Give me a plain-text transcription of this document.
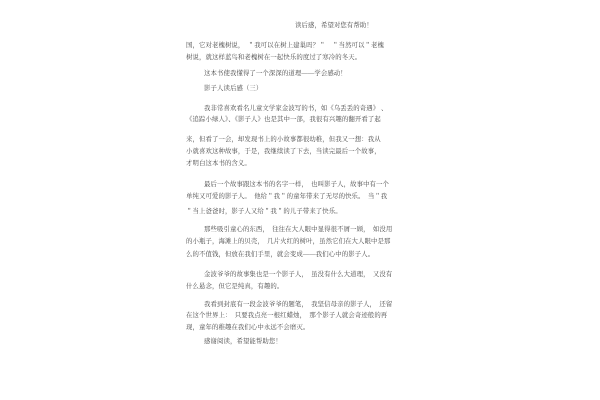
读后感，希望对您有帮助！
国，它对老槐树说，　＂我可以在树上建巢吗？＂　＂当然可以＂老槐
树说，就这样蓝鸟和老槐树在一起快乐的度过了寒冷的冬天。
这本书使我懂得了一个深深的道理——学会感动！
影子人读后感（三）
我非常喜欢看名儿童文学家金波写的书，如《乌丢丢的奇遇》 、
《追踪小绿人》、《影子人》也是其中一部，我很有兴趣的翻开看了起
来，但看了一会，却发现书上的小故事都很幼稚，但我又一想：我从
小就喜欢这种故事，于是，我继续读了下去，当读完最后一个故事，
才明白这本书的含义。
最后一个故事跟这本书的名字一样，　也叫影子人，故事中有一个
单纯又可爱的影子人。　他给＂我＂的童年带来了无尽的快乐。　当＂我
＂当上爸爸时，影子人又给＂我＂的儿子带来了快乐。
那些吸引童心的东西，　往往在大人眼中显得很不屑一顾，　如没用
的小瓶子，海滩上的贝壳，　几片火红的树叶，虽然它们在大人眼中是那
么的不值钱，但放在我们手里，就会变成——我们心中的影子人。
金波爷爷的故事集也是一个影子人，　虽没有什么大道理，　又没有
什么悬念，但它是纯真，有趣的。
我看到封底有一段金波爷爷的题笔，　我坚信母亲的影子人，　还留
在这个世界上：　只要我点亮一根红蜡烛，　那个影子人就会奇迹般的再
现，童年的稚趣在我们心中永远不会磨灭。
感谢阅读，希望能帮助您！
